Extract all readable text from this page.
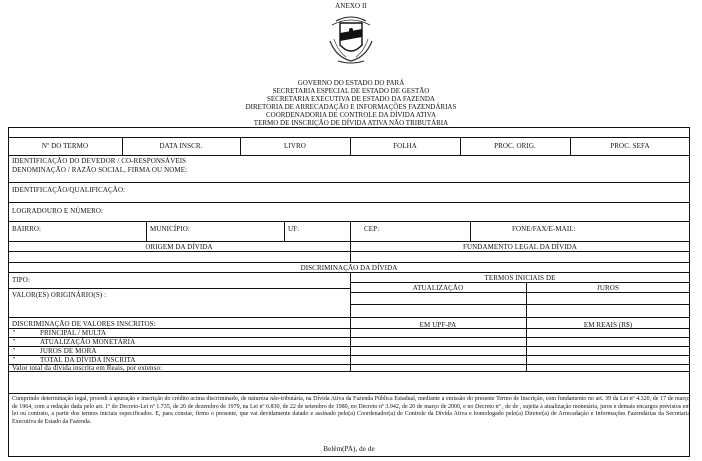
ANEXO II
GOVERNO DO ESTADO DO PARÁ
SECRETARIA ESPECIAL DE ESTADO DE GESTÃO
SECRETARIA EXECUTIVA DE ESTADO DA FAZENDA
DIRETORIA DE ARRECADAÇÃO E INFORMAÇÕES FAZENDÁRIAS
COORDENADORIA DE CONTROLE DA DÍVIDA ATIVA
TERMO DE INSCRIÇÃO DE DÍVIDA ATIVA NÃO TRIBUTÁRIA
Nº DO TERMO	DATA INSCR.	LIVRO	FOLHA	PROC. ORIG.	PROC. SEFA
IDENTIFICAÇÃO DO DEVEDOR / CO-RESPONSÁVEIS
DENOMINAÇÃO / RAZÃO SOCIAL, FIRMA OU NOME:
IDENTIFICAÇÃO/QUALIFICAÇÃO:
LOGRADOURO E NÚMERO:
BAIRRO:	MUNICÍPIO:	UF:	CEP:	FONE/FAX/E-MAIL:
ORIGEM DA DÍVIDA	FUNDAMENTO LEGAL DA DÍVIDA
DISCRIMINAÇÃO DA DÍVIDA
TIPO:	TERMOS INICIAIS DE
ATUALIZAÇÃO	JUROS
VALOR(ES) ORIGINÁRIO(S) :
DISCRIMINAÇÃO DE VALORES INSCRITOS:	EM UPF-PA	EM REAIS (R$)
•	PRINCIPAL / MULTA
•	ATUALIZAÇÃO MONETÁRIA
•	JUROS DE MORA
•	TOTAL DA DÍVIDA INSCRITA
Valor total da dívida inscrita em Reais, por extenso:
Cumprindo determinação legal, procedi à apuração e inscrição do crédito acima discriminado, de natureza não-tributária, na Dívida Ativa da Fazenda Pública Estadual, mediante a emissão do presente Termo de Inscrição, com fundamento no art. 39 da Lei nº 4.320, de 17 de março de 1964, com a redação dada pelo art. 1º do Decreto-Lei nº 1.735, de 20 de dezembro de 1979, na Lei nº 6.830, de 22 de setembro de 1980, no Decreto nº 3.942, de 20 de março de 2000, e no Decreto nº , de de , sujeita à atualização monetária, juros e demais encargos previstos em lei ou contrato, a partir dos termos iniciais especificados. E, para constar, firmo o presente, que vai devidamente datado e assinado pelo(a) Coordenador(a) de Controle da Dívida Ativa e homologado pelo(a) Diretor(a) de Arrecadação e Informações Fazendárias da Secretaria Executiva de Estado da Fazenda.
Belém(PA), de de
